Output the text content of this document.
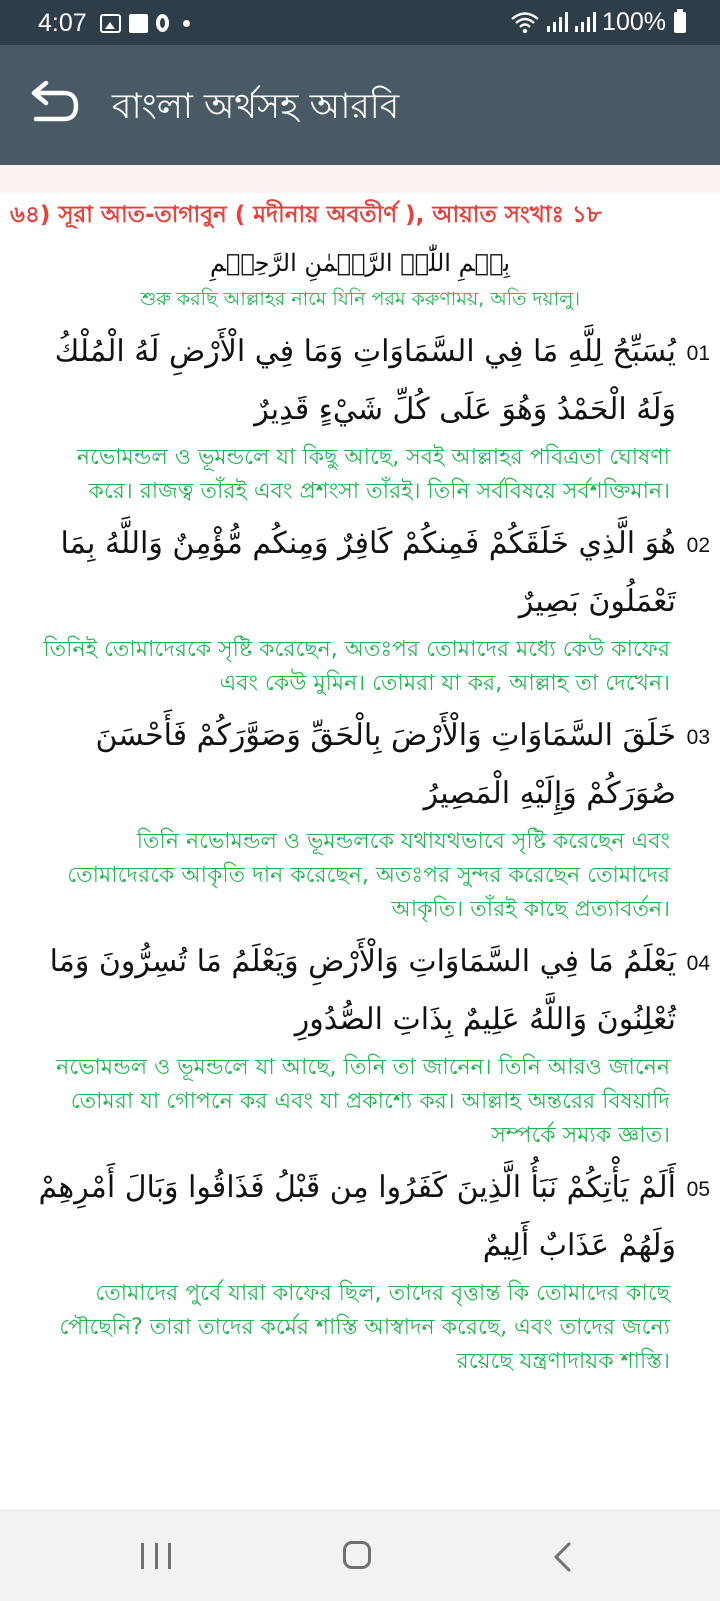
4:07	100%
বাংলা অর্থসহ আরবি
৬৪) সূরা আত-তাগাবুন ( মদীনায় অবতীর্ণ ), আয়াত সংখাঃ ১৮
بِسۡمِ اللّٰہِ الرَّحۡمٰنِ الرَّحِیۡمِ
শুরু করছি আল্লাহর নামে যিনি পরম করুণাময়, অতি দয়ালু।
01
يُسَبِّحُ لِلَّهِ مَا فِي السَّمَاوَاتِ وَمَا فِي الْأَرْضِ لَهُ الْمُلْكُ وَلَهُ الْحَمْدُ وَهُوَ عَلَى كُلِّ شَيْءٍ قَدِيرٌ
নভোমন্ডল ও ভূমন্ডলে যা কিছু আছে, সবই আল্লাহর পবিত্রতা ঘোষণা করে। রাজত্ব তাঁরই এবং প্রশংসা তাঁরই। তিনি সর্ববিষয়ে সর্বশক্তিমান।
02
هُوَ الَّذِي خَلَقَكُمْ فَمِنكُمْ كَافِرٌ وَمِنكُم مُّؤْمِنٌ وَاللَّهُ بِمَا تَعْمَلُونَ بَصِيرٌ
তিনিই তোমাদেরকে সৃষ্টি করেছেন, অতঃপর তোমাদের মধ্যে কেউ কাফের এবং কেউ মুমিন। তোমরা যা কর, আল্লাহ তা দেখেন।
03
خَلَقَ السَّمَاوَاتِ وَالْأَرْضَ بِالْحَقِّ وَصَوَّرَكُمْ فَأَحْسَنَ صُوَرَكُمْ وَإِلَيْهِ الْمَصِيرُ
তিনি নভোমন্ডল ও ভূমন্ডলকে যথাযথভাবে সৃষ্টি করেছেন এবং তোমাদেরকে আকৃতি দান করেছেন, অতঃপর সুন্দর করেছেন তোমাদের আকৃতি। তাঁরই কাছে প্রত্যাবর্তন।
04
يَعْلَمُ مَا فِي السَّمَاوَاتِ وَالْأَرْضِ وَيَعْلَمُ مَا تُسِرُّونَ وَمَا تُعْلِنُونَ وَاللَّهُ عَلِيمٌ بِذَاتِ الصُّدُورِ
নভোমন্ডল ও ভূমন্ডলে যা আছে, তিনি তা জানেন। তিনি আরও জানেন তোমরা যা গোপনে কর এবং যা প্রকাশ্যে কর। আল্লাহ অন্তরের বিষয়াদি সম্পর্কে সম্যক জ্ঞাত।
05
أَلَمْ يَأْتِكُمْ نَبَأُ الَّذِينَ كَفَرُوا مِن قَبْلُ فَذَاقُوا وَبَالَ أَمْرِهِمْ وَلَهُمْ عَذَابٌ أَلِيمٌ
তোমাদের পুর্বে যারা কাফের ছিল, তাদের বৃত্তান্ত কি তোমাদের কাছে পৌছেনি? তারা তাদের কর্মের শাস্তি আস্বাদন করেছে, এবং তাদের জন্যে রয়েছে যন্ত্রণাদায়ক শাস্তি।
